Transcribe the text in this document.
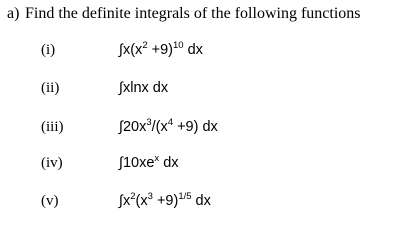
a) Find the definite integrals of the following functions
(i)	$\int x(x^2 +9)^{10}$ dx
(ii)	∫xlnx dx
(iii)	$\int 20x^3/(x^4 +9)$ dx
(iv)	$\int 10xe^x$ dx
(v)	$\int x^2(x^3 +9)^{1/5}$ dx
